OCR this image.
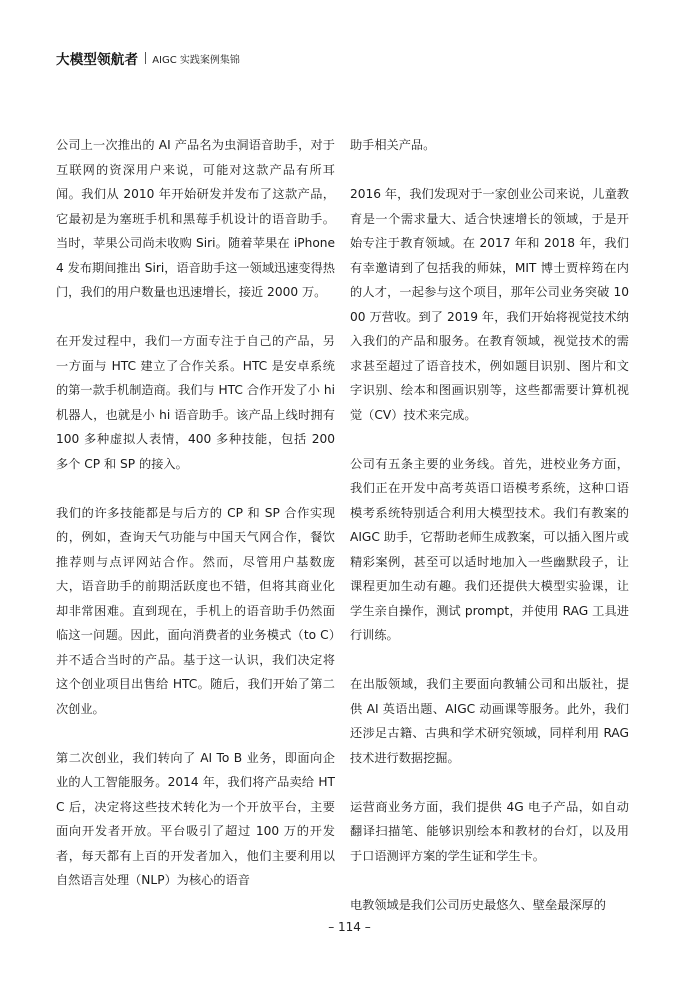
大模型领航者 AIGC 实践案例集锦

公司上一次推出的 AI 产品名为虫洞语音助手，对于互联网的资深用户来说，可能对这款产品有所耳闻。我们从 2010 年开始研发并发布了这款产品，它最初是为塞班手机和黑莓手机设计的语音助手。当时，苹果公司尚未收购 Siri。随着苹果在 iPhone 4 发布期间推出 Siri，语音助手这一领域迅速变得热门，我们的用户数量也迅速增长，接近 2000 万。

在开发过程中，我们一方面专注于自己的产品，另一方面与 HTC 建立了合作关系。HTC 是安卓系统的第一款手机制造商。我们与 HTC 合作开发了小 hi 机器人，也就是小 hi 语音助手。该产品上线时拥有 100 多种虚拟人表情，400 多种技能，包括 200 多个 CP 和 SP 的接入。

我们的许多技能都是与后方的 CP 和 SP 合作实现的，例如，查询天气功能与中国天气网合作，餐饮推荐则与点评网站合作。然而，尽管用户基数庞大，语音助手的前期活跃度也不错，但将其商业化却非常困难。直到现在，手机上的语音助手仍然面临这一问题。因此，面向消费者的业务模式（to C）并不适合当时的产品。基于这一认识，我们决定将这个创业项目出售给 HTC。随后，我们开始了第二次创业。

第二次创业，我们转向了 AI To B 业务，即面向企业的人工智能服务。2014 年，我们将产品卖给 HTC 后，决定将这些技术转化为一个开放平台，主要面向开发者开放。平台吸引了超过 100 万的开发者，每天都有上百的开发者加入，他们主要利用以自然语言处理（NLP）为核心的语音

助手相关产品。

2016 年，我们发现对于一家创业公司来说，儿童教育是一个需求量大、适合快速增长的领域，于是开始专注于教育领域。在 2017 年和 2018 年，我们有幸邀请到了包括我的师妹，MIT 博士贾梓筠在内的人才，一起参与这个项目，那年公司业务突破 1000 万营收。到了 2019 年，我们开始将视觉技术纳入我们的产品和服务。在教育领域，视觉技术的需求甚至超过了语音技术，例如题目识别、图片和文字识别、绘本和图画识别等，这些都需要计算机视觉（CV）技术来完成。

公司有五条主要的业务线。首先，进校业务方面，我们正在开发中高考英语口语模考系统，这种口语模考系统特别适合利用大模型技术。我们有教案的 AIGC 助手，它帮助老师生成教案，可以插入图片或精彩案例，甚至可以适时地加入一些幽默段子，让课程更加生动有趣。我们还提供大模型实验课，让学生亲自操作，测试 prompt，并使用 RAG 工具进行训练。

在出版领域，我们主要面向教辅公司和出版社，提供 AI 英语出题、AIGC 动画课等服务。此外，我们还涉足古籍、古典和学术研究领域，同样利用 RAG 技术进行数据挖掘。

运营商业务方面，我们提供 4G 电子产品，如自动翻译扫描笔、能够识别绘本和教材的台灯，以及用于口语测评方案的学生证和学生卡。

电教领域是我们公司历史最悠久、壁垒最深厚的

– 114 –
